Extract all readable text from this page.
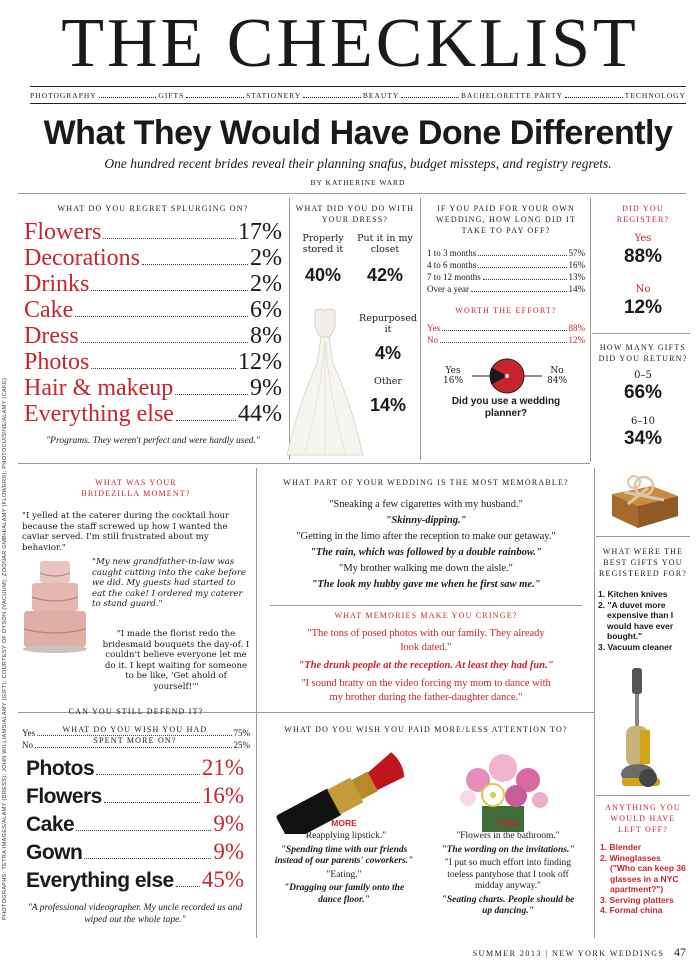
PHOTOGRAPHS: TETRA IMAGES/ALAMY (DRESS); JOHN WILLIAMS/ALAMY (GIFT); COURTESY OF DYSON (VACUUM); ZOONAR GMBH/ALAMY (FLOWERS); PHOTOCUISINE/ALAMY (CAKE)
THE CHECKLIST
PHOTOGRAPHY	GIFTS	STATIONERY	BEAUTY	BACHELORETTE PARTY	TECHNOLOGY
What They Would Have Done Differently
One hundred recent brides reveal their planning snafus, budget missteps, and registry regrets.
BY KATHERINE WARD
WHAT DO YOU REGRET SPLURGING ON?
Flowers	17%
Decorations	2%
Drinks	2%
Cake	6%
Dress	8%
Photos	12%
Hair & makeup	9%
Everything else	44%
"Programs. They weren't perfect and were hardly used."
WHAT DID YOU DO WITH YOUR DRESS?
Properly stored it
40%
Put it in my closet
42%
Repurposed it
4%
Other
14%
IF YOU PAID FOR YOUR OWN WEDDING, HOW LONG DID IT TAKE TO PAY OFF?
1 to 3 months	57%
4 to 6 months	16%
7 to 12 months	13%
Over a year	14%
WORTH THE EFFORT?
Yes	88%
No	12%
Yes
16%
No
84%
Did you use a wedding planner?
DID YOU REGISTER?
Yes
88%
No
12%
HOW MANY GIFTS DID YOU RETURN?
0–5
66%
6–10
34%
WHAT WERE THE BEST GIFTS YOU REGISTERED FOR?
1. Kitchen knives
2. "A duvet more expensive than I would have ever bought."
3. Vacuum cleaner
ANYTHING YOU WOULD HAVE LEFT OFF?
1. Blender
2. Wineglasses
("Who can keep 36 glasses in a NYC apartment?")
3. Serving platters
4. Formal china
WHAT WAS YOUR BRIDEZILLA MOMENT?
"I yelled at the caterer during the cocktail hour because the staff screwed up how I wanted the caviar served. I'm still frustrated about my behavior."
"My new grandfather-in-law was caught cutting into the cake before we did. My guests had started to eat the cake! I ordered my caterer to stand guard."
"I made the florist redo the bridesmaid bouquets the day-of. I couldn't believe everyone let me do it. I kept waiting for someone to be like, 'Get ahold of yourself!'"
CAN YOU STILL DEFEND IT?
Yes	75%
No	25%
WHAT PART OF YOUR WEDDING IS THE MOST MEMORABLE?
"Sneaking a few cigarettes with my husband."
"Skinny-dipping."
"Getting in the limo after the reception to make our getaway."
"The rain, which was followed by a double rainbow."
"My brother walking me down the aisle."
"The look my hubby gave me when he first saw me."
WHAT MEMORIES MAKE YOU CRINGE?
"The tons of posed photos with our family. They already look dated."
"The drunk people at the reception. At least they had fun."
"I sound bratty on the video forcing my mom to dance with my brother during the father-daughter dance."
WHAT DO YOU WISH YOU HAD SPENT MORE ON?
Photos	21%
Flowers	16%
Cake	9%
Gown	9%
Everything else 45%
"A professional videographer. My uncle recorded us and wiped out the whole tape."
WHAT DO YOU WISH YOU PAID MORE/LESS ATTENTION TO?
MORE
"Reapplying lipstick."
"Spending time with our friends instead of our parents' coworkers."
"Eating."
"Dragging our family onto the dance floor."
LESS
"Flowers in the bathroom."
"The wording on the invitations."
"I put so much effort into finding toeless pantyhose that I took off midday anyway."
"Seating charts. People should be up dancing."
SUMMER 2013 | NEW YORK WEDDINGS 47
